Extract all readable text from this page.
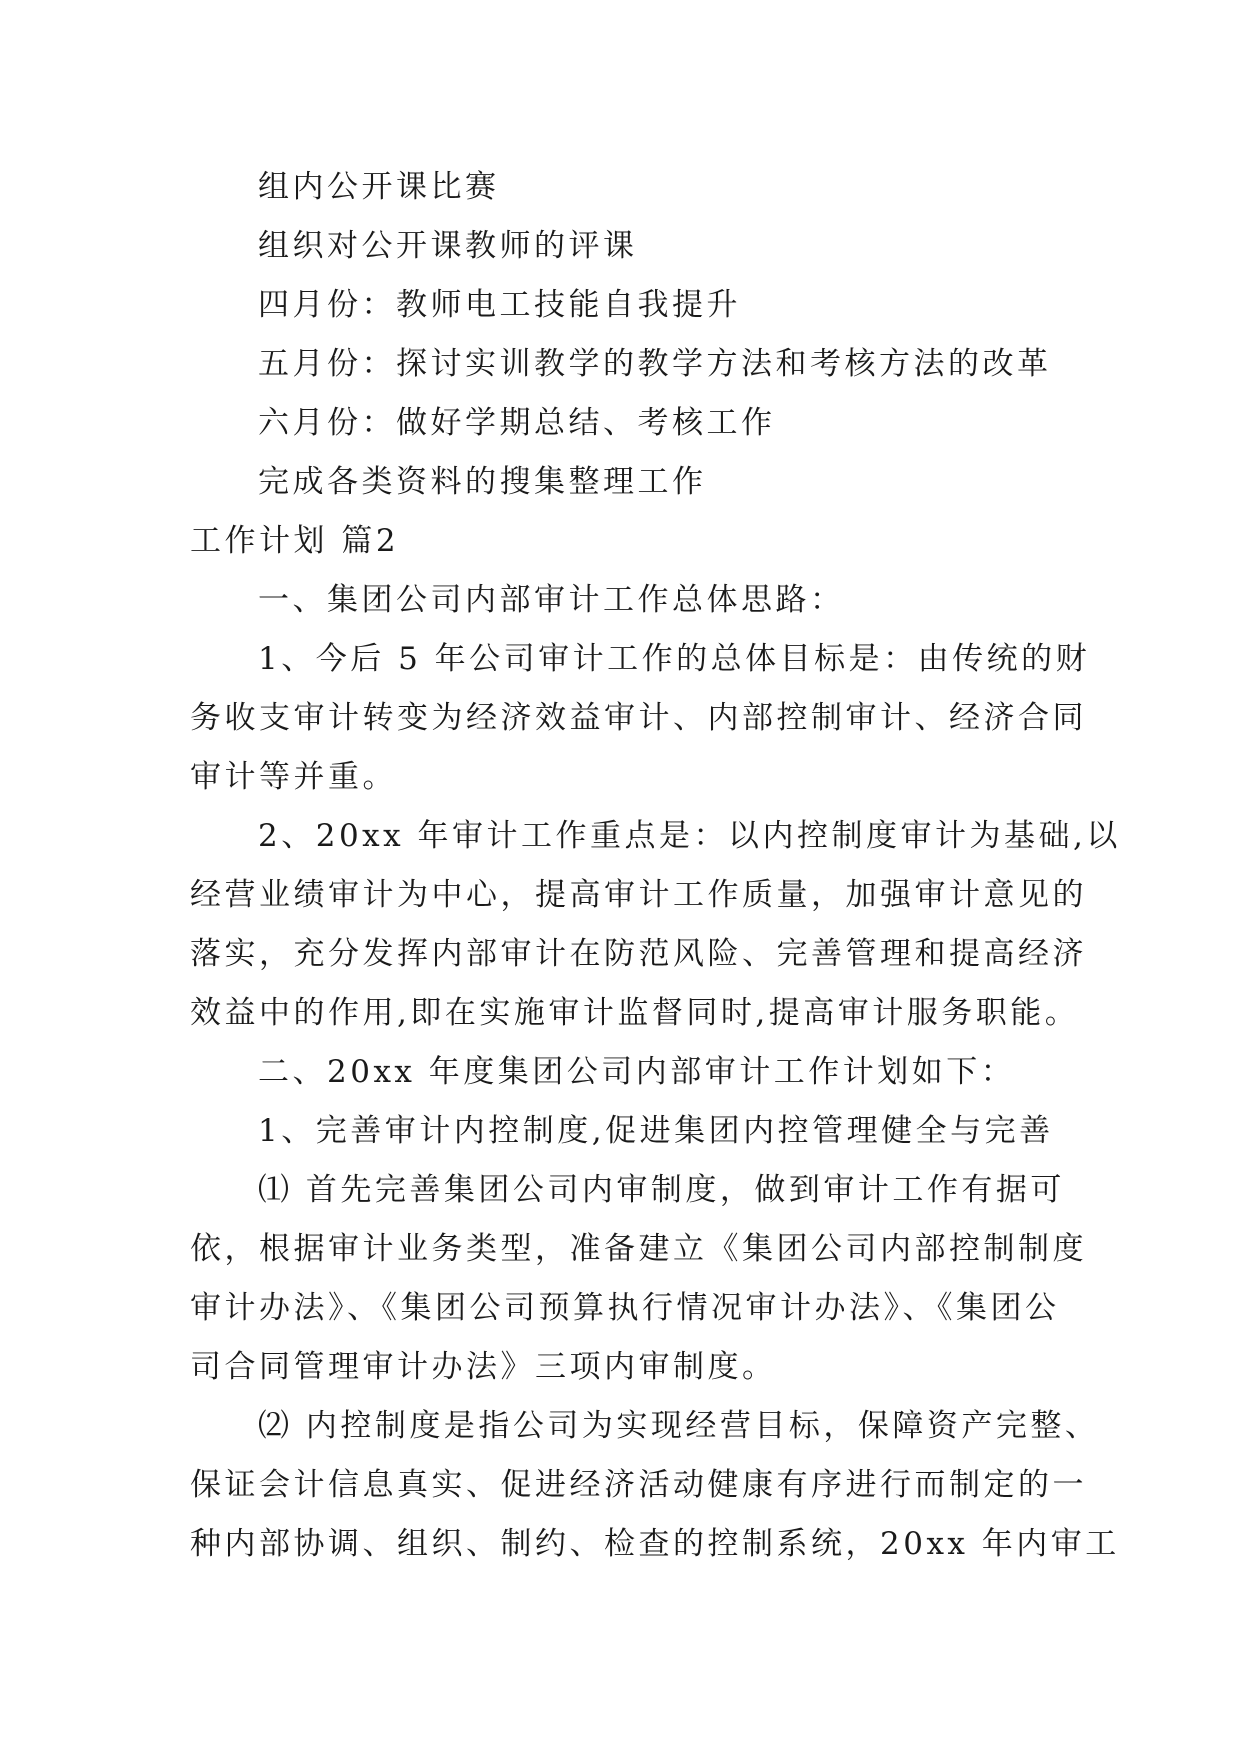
组内公开课比赛
组织对公开课教师的评课
四月份：教师电工技能自我提升
五月份：探讨实训教学的教学方法和考核方法的改革
六月份：做好学期总结、考核工作
完成各类资料的搜集整理工作
工作计划 篇2
一、集团公司内部审计工作总体思路：
1、今后 5 年公司审计工作的总体目标是：由传统的财
务收支审计转变为经济效益审计、内部控制审计、经济合同
审计等并重。
2、20xx 年审计工作重点是：以内控制度审计为基础,以
经营业绩审计为中心，提高审计工作质量，加强审计意见的
落实，充分发挥内部审计在防范风险、完善管理和提高经济
效益中的作用,即在实施审计监督同时,提高审计服务职能。
二、20xx 年度集团公司内部审计工作计划如下：
1、完善审计内控制度,促进集团内控管理健全与完善
⑴ 首先完善集团公司内审制度，做到审计工作有据可
依，根据审计业务类型，准备建立《集团公司内部控制制度
审计办法》、《集团公司预算执行情况审计办法》、《集团公
司合同管理审计办法》三项内审制度。
⑵ 内控制度是指公司为实现经营目标，保障资产完整、
保证会计信息真实、促进经济活动健康有序进行而制定的一
种内部协调、组织、制约、检查的控制系统，20xx 年内审工
